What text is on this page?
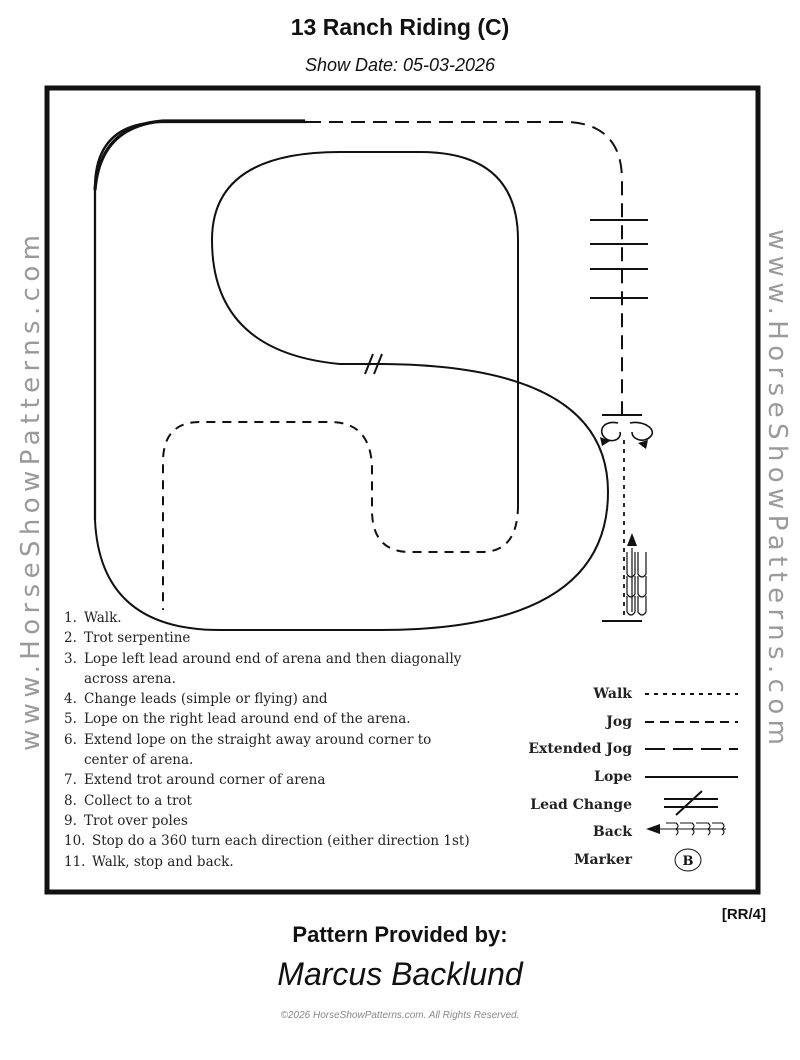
13 Ranch Riding (C)
Show Date: 05-03-2026
www.HorseShowPatterns.com	www.HorseShowPatterns.com
Walk
Jog
Extended Jog
Lope
Lead Change
Back
Marker	B
1. Walk.
2. Trot serpentine
3. Lope left lead around end of arena and then diagonally across arena.
4. Change leads (simple or flying) and
5. Lope on the right lead around end of the arena.
6. Extend lope on the straight away around corner to center of arena.
7. Extend trot around corner of arena
8. Collect to a trot
9. Trot over poles
10. Stop do a 360 turn each direction (either direction 1st)
11. Walk, stop and back.
[RR/4]
Pattern Provided by:
Marcus Backlund
©2026 HorseShowPatterns.com. All Rights Reserved.
